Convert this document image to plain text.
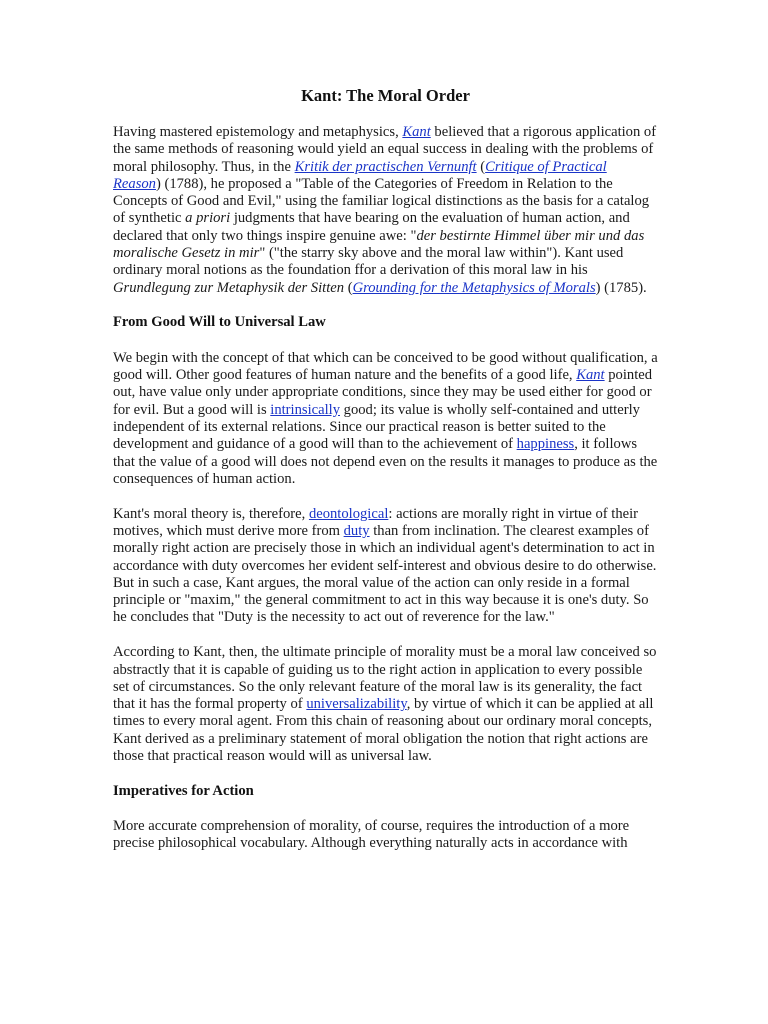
Kant: The Moral Order

Having mastered epistemology and metaphysics, Kant believed that a rigorous application of the same methods of reasoning would yield an equal success in dealing with the problems of moral philosophy. Thus, in the Kritik der practischen Vernunft (Critique of Practical Reason) (1788), he proposed a "Table of the Categories of Freedom in Relation to the Concepts of Good and Evil," using the familiar logical distinctions as the basis for a catalog of synthetic a priori judgments that have bearing on the evaluation of human action, and declared that only two things inspire genuine awe: "der bestirnte Himmel über mir und das moralische Gesetz in mir" ("the starry sky above and the moral law within"). Kant used ordinary moral notions as the foundation ffor a derivation of this moral law in his Grundlegung zur Metaphysik der Sitten (Grounding for the Metaphysics of Morals) (1785).

From Good Will to Universal Law

We begin with the concept of that which can be conceived to be good without qualification, a good will. Other good features of human nature and the benefits of a good life, Kant pointed out, have value only under appropriate conditions, since they may be used either for good or for evil. But a good will is intrinsically good; its value is wholly self-contained and utterly independent of its external relations. Since our practical reason is better suited to the development and guidance of a good will than to the achievement of happiness, it follows that the value of a good will does not depend even on the results it manages to produce as the consequences of human action.

Kant's moral theory is, therefore, deontological: actions are morally right in virtue of their motives, which must derive more from duty than from inclination. The clearest examples of morally right action are precisely those in which an individual agent's determination to act in accordance with duty overcomes her evident self-interest and obvious desire to do otherwise. But in such a case, Kant argues, the moral value of the action can only reside in a formal principle or "maxim," the general commitment to act in this way because it is one's duty. So he concludes that "Duty is the necessity to act out of reverence for the law."

According to Kant, then, the ultimate principle of morality must be a moral law conceived so abstractly that it is capable of guiding us to the right action in application to every possible set of circumstances. So the only relevant feature of the moral law is its generality, the fact that it has the formal property of universalizability, by virtue of which it can be applied at all times to every moral agent. From this chain of reasoning about our ordinary moral concepts, Kant derived as a preliminary statement of moral obligation the notion that right actions are those that practical reason would will as universal law.

Imperatives for Action

More accurate comprehension of morality, of course, requires the introduction of a more precise philosophical vocabulary. Although everything naturally acts in accordance with
